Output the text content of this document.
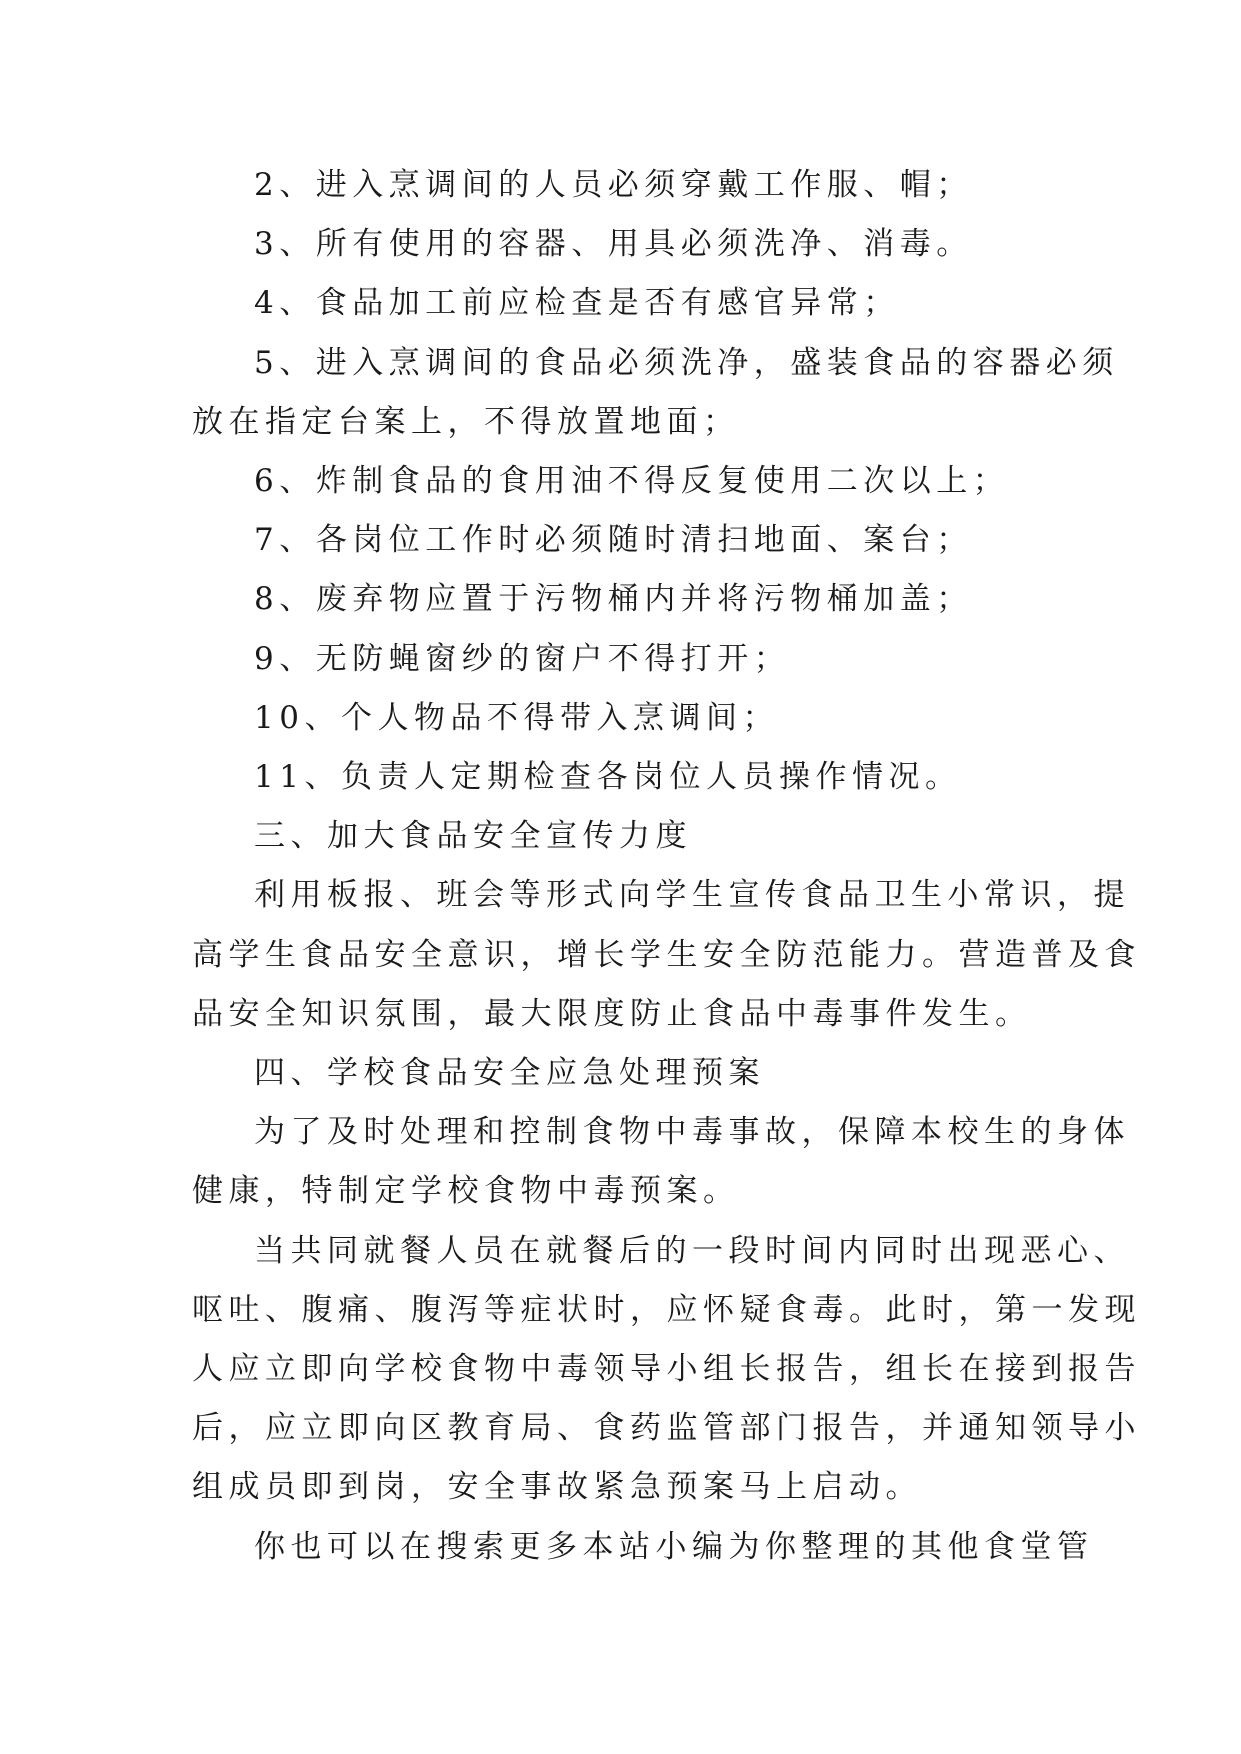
2、进入烹调间的人员必须穿戴工作服、帽；
3、所有使用的容器、用具必须洗净、消毒。
4、食品加工前应检查是否有感官异常；
5、进入烹调间的食品必须洗净，盛装食品的容器必须
放在指定台案上，不得放置地面；
6、炸制食品的食用油不得反复使用二次以上；
7、各岗位工作时必须随时清扫地面、案台；
8、废弃物应置于污物桶内并将污物桶加盖；
9、无防蝇窗纱的窗户不得打开；
10、个人物品不得带入烹调间；
11、负责人定期检查各岗位人员操作情况。
三、加大食品安全宣传力度
利用板报、班会等形式向学生宣传食品卫生小常识，提
高学生食品安全意识，增长学生安全防范能力。营造普及食
品安全知识氛围，最大限度防止食品中毒事件发生。
四、学校食品安全应急处理预案
为了及时处理和控制食物中毒事故，保障本校生的身体
健康，特制定学校食物中毒预案。
当共同就餐人员在就餐后的一段时间内同时出现恶心、
呕吐、腹痛、腹泻等症状时，应怀疑食毒。此时，第一发现
人应立即向学校食物中毒领导小组长报告，组长在接到报告
后，应立即向区教育局、食药监管部门报告，并通知领导小
组成员即到岗，安全事故紧急预案马上启动。
你也可以在搜索更多本站小编为你整理的其他食堂管
